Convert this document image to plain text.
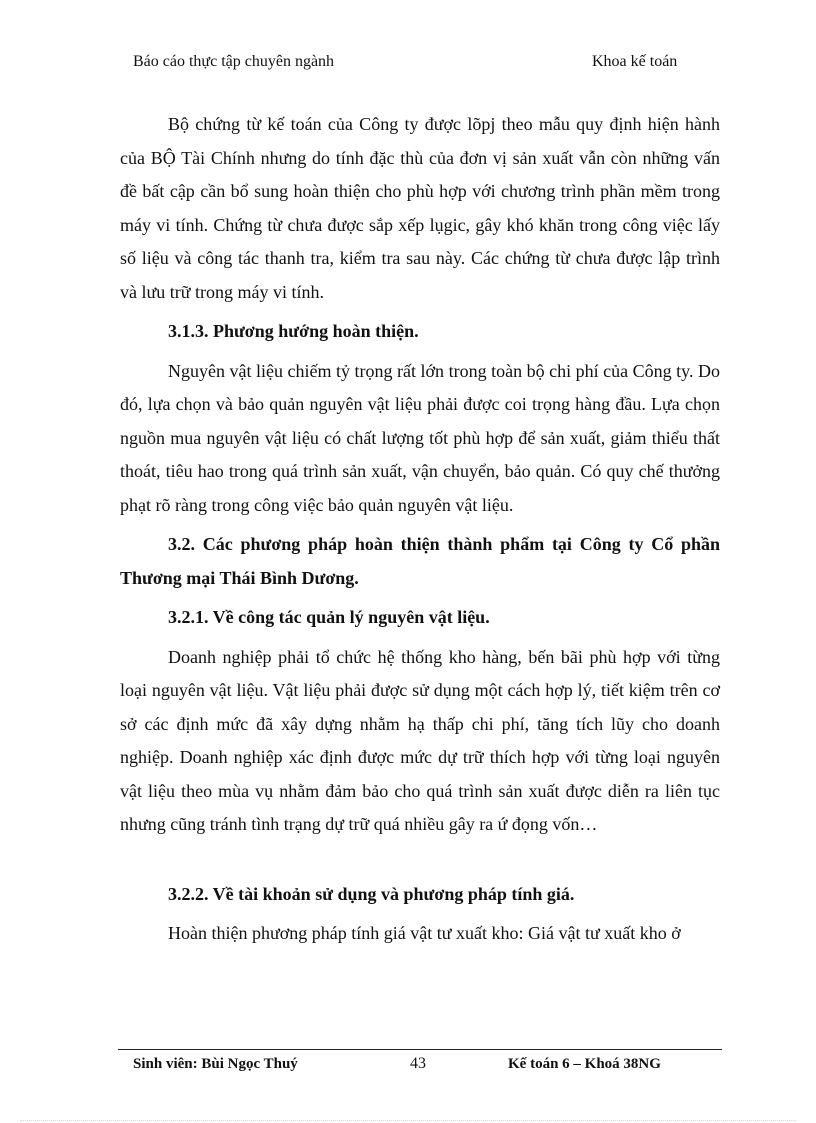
Báo cáo thực tập chuyên ngành	Khoa kế toán

Bộ chứng từ kế toán của Công ty được lõpj theo mẫu quy định hiện hành của BỘ Tài Chính nhưng do tính đặc thù của đơn vị sản xuất vẫn còn những vấn đề bất cập cần bổ sung hoàn thiện cho phù hợp với chương trình phần mềm trong máy vi tính. Chứng từ chưa được sắp xếp lụgic, gây khó khăn trong công việc lấy số liệu và công tác thanh tra, kiểm tra sau này. Các chứng từ chưa được lập trình và lưu trữ trong máy vi tính.

3.1.3. Phương hướng hoàn thiện.

Nguyên vật liệu chiếm tỷ trọng rất lớn trong toàn bộ chi phí của Công ty. Do đó, lựa chọn và bảo quản nguyên vật liệu phải được coi trọng hàng đầu. Lựa chọn nguồn mua nguyên vật liệu có chất lượng tốt phù hợp để sản xuất, giảm thiểu thất thoát, tiêu hao trong quá trình sản xuất, vận chuyển, bảo quản. Có quy chế thưởng phạt rõ ràng trong công việc bảo quản nguyên vật liệu.

3.2. Các phương pháp hoàn thiện thành phẩm tại Công ty Cổ phần Thương mại Thái Bình Dương.
3.2.1. Về công tác quản lý nguyên vật liệu.

Doanh nghiệp phải tổ chức hệ thống kho hàng, bến bãi phù hợp với từng loại nguyên vật liệu. Vật liệu phải được sử dụng một cách hợp lý, tiết kiệm trên cơ sở các định mức đã xây dựng nhằm hạ thấp chi phí, tăng tích lũy cho doanh nghiệp. Doanh nghiệp xác định được mức dự trữ thích hợp với từng loại nguyên vật liệu theo mùa vụ nhằm đảm bảo cho quá trình sản xuất được diễn ra liên tục nhưng cũng tránh tình trạng dự trữ quá nhiều gây ra ứ đọng vốn…

3.2.2. Về tài khoản sử dụng và phương pháp tính giá.

Hoàn thiện phương pháp tính giá vật tư xuất kho: Giá vật tư xuất kho ở

Sinh viên: Bùi Ngọc Thuý	43	Kế toán 6 – Khoá 38NG
